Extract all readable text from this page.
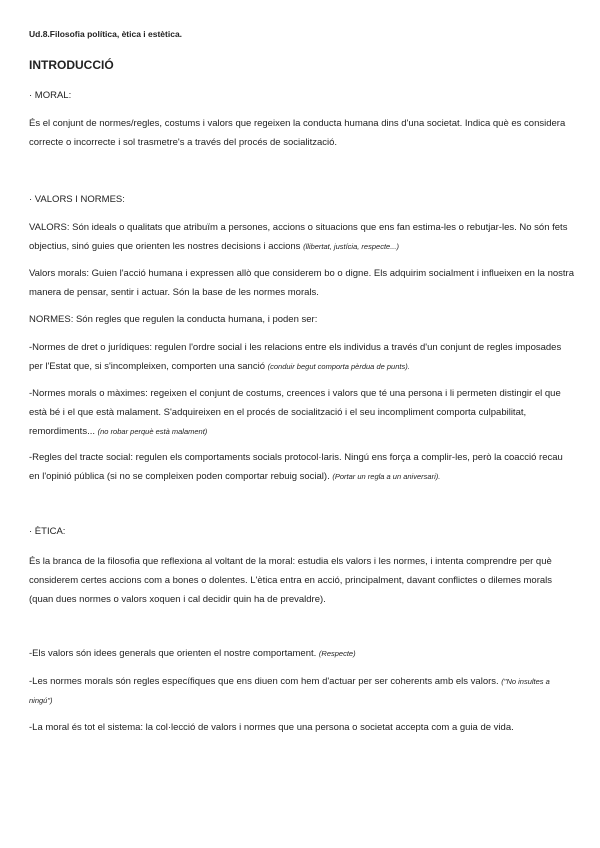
Ud.8.Filosofia política, ètica i estètica.

INTRODUCCIÓ

· MORAL:

És el conjunt de normes/regles, costums i valors que regeixen la conducta humana dins d'una societat. Indica què es considera correcte o incorrecte i sol trasmetre's a través del procés de socialització.

· VALORS I NORMES:

VALORS: Són ideals o qualitats que atribuïm a persones, accions o situacions que ens fan estima-les o rebutjar-les. No són fets objectius, sinó guies que orienten les nostres decisions i accions (llibertat, justícia, respecte...)

Valors morals: Guien l'acció humana i expressen allò que considerem bo o digne. Els adquirim socialment i influeixen en la nostra manera de pensar, sentir i actuar. Són la base de les normes morals.

NORMES: Són regles que regulen la conducta humana, i poden ser:

-Normes de dret o jurídiques: regulen l'ordre social i les relacions entre els individus a través d'un conjunt de regles imposades per l'Estat que, si s'incompleixen, comporten una sanció (conduir begut comporta pèrdua de punts).

-Normes morals o màximes: regeixen el conjunt de costums, creences i valors que té una persona i li permeten distingir el que està bé i el que està malament. S'adquireixen en el procés de socialització i el seu incompliment comporta culpabilitat, remordiments... (no robar perquè està malament)

-Regles del tracte social: regulen els comportaments socials protocol·laris. Ningú ens força a complir-les, però la coacció recau en l'opinió pública (si no se compleixen poden comportar rebuig social). (Portar un regla a un aniversari).

· ÈTICA:

És la branca de la filosofia que reflexiona al voltant de la moral: estudia els valors i les normes, i intenta comprendre per què considerem certes accions com a bones o dolentes. L'ètica entra en acció, principalment, davant conflictes o dilemes morals (quan dues normes o valors xoquen i cal decidir quin ha de prevaldre).

-Els valors són idees generals que orienten el nostre comportament. (Respecte)

-Les normes morals són regles específiques que ens diuen com hem d'actuar per ser coherents amb els valors. ("No insultes a ningú")

-La moral és tot el sistema: la col·lecció de valors i normes que una persona o societat accepta com a guia de vida.
